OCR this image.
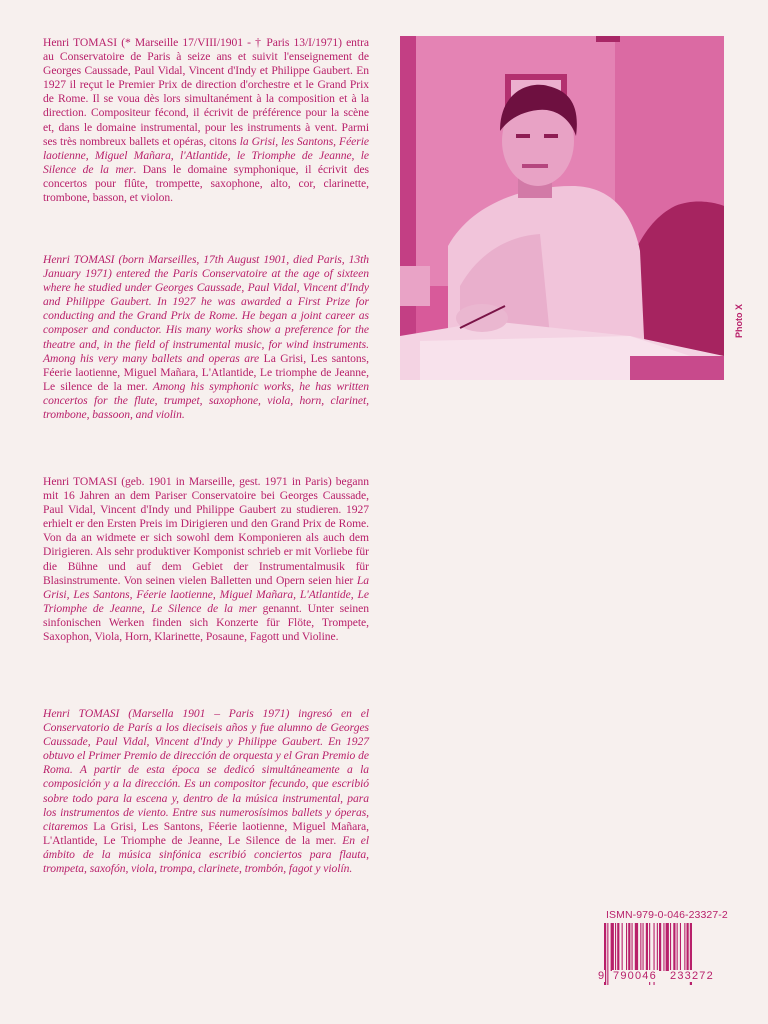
Henri TOMASI (* Marseille 17/VIII/1901 - † Paris 13/I/1971) entra au Conservatoire de Paris à seize ans et suivit l'enseignement de Georges Caussade, Paul Vidal, Vincent d'Indy et Philippe Gaubert. En 1927 il reçut le Premier Prix de direction d'orchestre et le Grand Prix de Rome. Il se voua dès lors simultanément à la composition et à la direction. Compositeur fécond, il écrivit de préférence pour la scène et, dans le domaine instrumental, pour les instruments à vent. Parmi ses très nombreux ballets et opéras, citons la Grisi, les Santons, Féerie laotienne, Miguel Mañara, l'Atlantide, le Triomphe de Jeanne, le Silence de la mer. Dans le domaine symphonique, il écrivit des concertos pour flûte, trompette, saxophone, alto, cor, clarinette, trombone, basson, et violon.

Henri TOMASI (born Marseilles, 17th August 1901, died Paris, 13th January 1971) entered the Paris Conservatoire at the age of sixteen where he studied under Georges Caussade, Paul Vidal, Vincent d'Indy and Philippe Gaubert. In 1927 he was awarded a First Prize for conducting and the Grand Prix de Rome. He began a joint career as composer and conductor. His many works show a preference for the theatre and, in the field of instrumental music, for wind instruments. Among his very many ballets and operas are La Grisi, Les santons, Féerie laotienne, Miguel Mañara, L'Atlantide, Le triomphe de Jeanne, Le silence de la mer. Among his symphonic works, he has written concertos for the flute, trumpet, saxophone, viola, horn, clarinet, trombone, bassoon, and violin.

Henri TOMASI (geb. 1901 in Marseille, gest. 1971 in Paris) begann mit 16 Jahren an dem Pariser Conservatoire bei Georges Caussade, Paul Vidal, Vincent d'Indy und Philippe Gaubert zu studieren. 1927 erhielt er den Ersten Preis im Dirigieren und den Grand Prix de Rome. Von da an widmete er sich sowohl dem Komponieren als auch dem Dirigieren. Als sehr produktiver Komponist schrieb er mit Vorliebe für die Bühne und auf dem Gebiet der Instrumentalmusik für Blasinstrumente. Von seinen vielen Balletten und Opern seien hier La Grisi, Les Santons, Féerie laotienne, Miguel Mañara, L'Atlantide, Le Triomphe de Jeanne, Le Silence de la mer genannt. Unter seinen sinfonischen Werken finden sich Konzerte für Flöte, Trompete, Saxophon, Viola, Horn, Klarinette, Posaune, Fagott und Violine.

Henri TOMASI (Marsella 1901 – Paris 1971) ingresó en el Conservatorio de París a los dieciseis años y fue alumno de Georges Caussade, Paul Vidal, Vincent d'Indy y Philippe Gaubert. En 1927 obtuvo el Primer Premio de dirección de orquesta y el Gran Premio de Roma. A partir de esta época se dedicó simultáneamente a la composición y a la dirección. Es un compositor fecundo, que escribió sobre todo para la escena y, dentro de la música instrumental, para los instrumentos de viento. Entre sus numerosísimos ballets y óperas, citaremos La Grisi, Les Santons, Féerie laotienne, Miguel Mañara, L'Atlantide, Le Triomphe de Jeanne, Le Silence de la mer. En el ámbito de la música sinfónica escribió conciertos para flauta, trompeta, saxofón, viola, trompa, clarinete, trombón, fagot y violín.

Photo X
ISMN-979-0-046-23327-2
9 790046 233272
